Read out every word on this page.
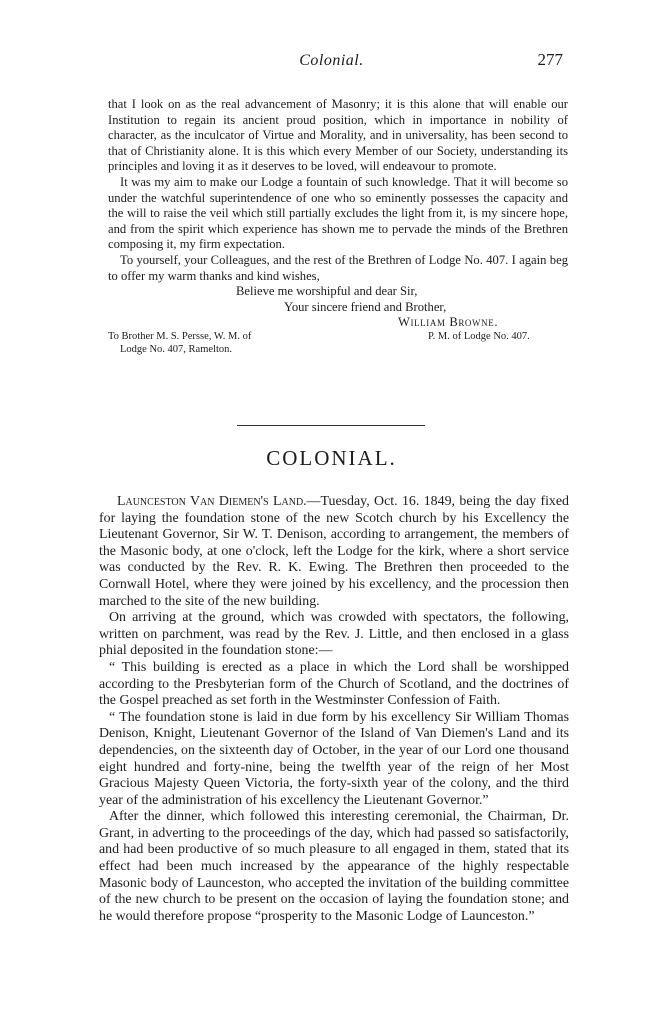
Colonial.	277

that I look on as the real advancement of Masonry; it is this alone that will enable our Institution to regain its ancient proud position, which in importance in nobility of character, as the inculcator of Virtue and Morality, and in universality, has been second to that of Christianity alone. It is this which every Member of our Society, understanding its principles and loving it as it deserves to be loved, will endeavour to promote.

It was my aim to make our Lodge a fountain of such knowledge. That it will become so under the watchful superintendence of one who so eminently possesses the capacity and the will to raise the veil which still partially excludes the light from it, is my sincere hope, and from the spirit which experience has shown me to pervade the minds of the Brethren composing it, my firm expectation.

To yourself, your Colleagues, and the rest of the Brethren of Lodge No. 407. I again beg to offer my warm thanks and kind wishes,

Believe me worshipful and dear Sir,
Your sincere friend and Brother,
William Browne.
To Brother M. S. Persse, W. M. of	P. M. of Lodge No. 407.
Lodge No. 407, Ramelton.
COLONIAL.

Launceston Van Diemen's Land.—Tuesday, Oct. 16. 1849, being the day fixed for laying the foundation stone of the new Scotch church by his Excellency the Lieutenant Governor, Sir W. T. Denison, according to arrangement, the members of the Masonic body, at one o'clock, left the Lodge for the kirk, where a short service was conducted by the Rev. R. K. Ewing. The Brethren then proceeded to the Cornwall Hotel, where they were joined by his excellency, and the procession then marched to the site of the new building.

On arriving at the ground, which was crowded with spectators, the following, written on parchment, was read by the Rev. J. Little, and then enclosed in a glass phial deposited in the foundation stone:—

“ This building is erected as a place in which the Lord shall be worshipped according to the Presbyterian form of the Church of Scotland, and the doctrines of the Gospel preached as set forth in the Westminster Confession of Faith.

“ The foundation stone is laid in due form by his excellency Sir William Thomas Denison, Knight, Lieutenant Governor of the Island of Van Diemen's Land and its dependencies, on the sixteenth day of October, in the year of our Lord one thousand eight hundred and forty-nine, being the twelfth year of the reign of her Most Gracious Majesty Queen Victoria, the forty-sixth year of the colony, and the third year of the administration of his excellency the Lieutenant Governor.”

After the dinner, which followed this interesting ceremonial, the Chairman, Dr. Grant, in adverting to the proceedings of the day, which had passed so satisfactorily, and had been productive of so much pleasure to all engaged in them, stated that its effect had been much increased by the appearance of the highly respectable Masonic body of Launceston, who accepted the invitation of the building committee of the new church to be present on the occasion of laying the foundation stone; and he would therefore propose “prosperity to the Masonic Lodge of Launceston.”
